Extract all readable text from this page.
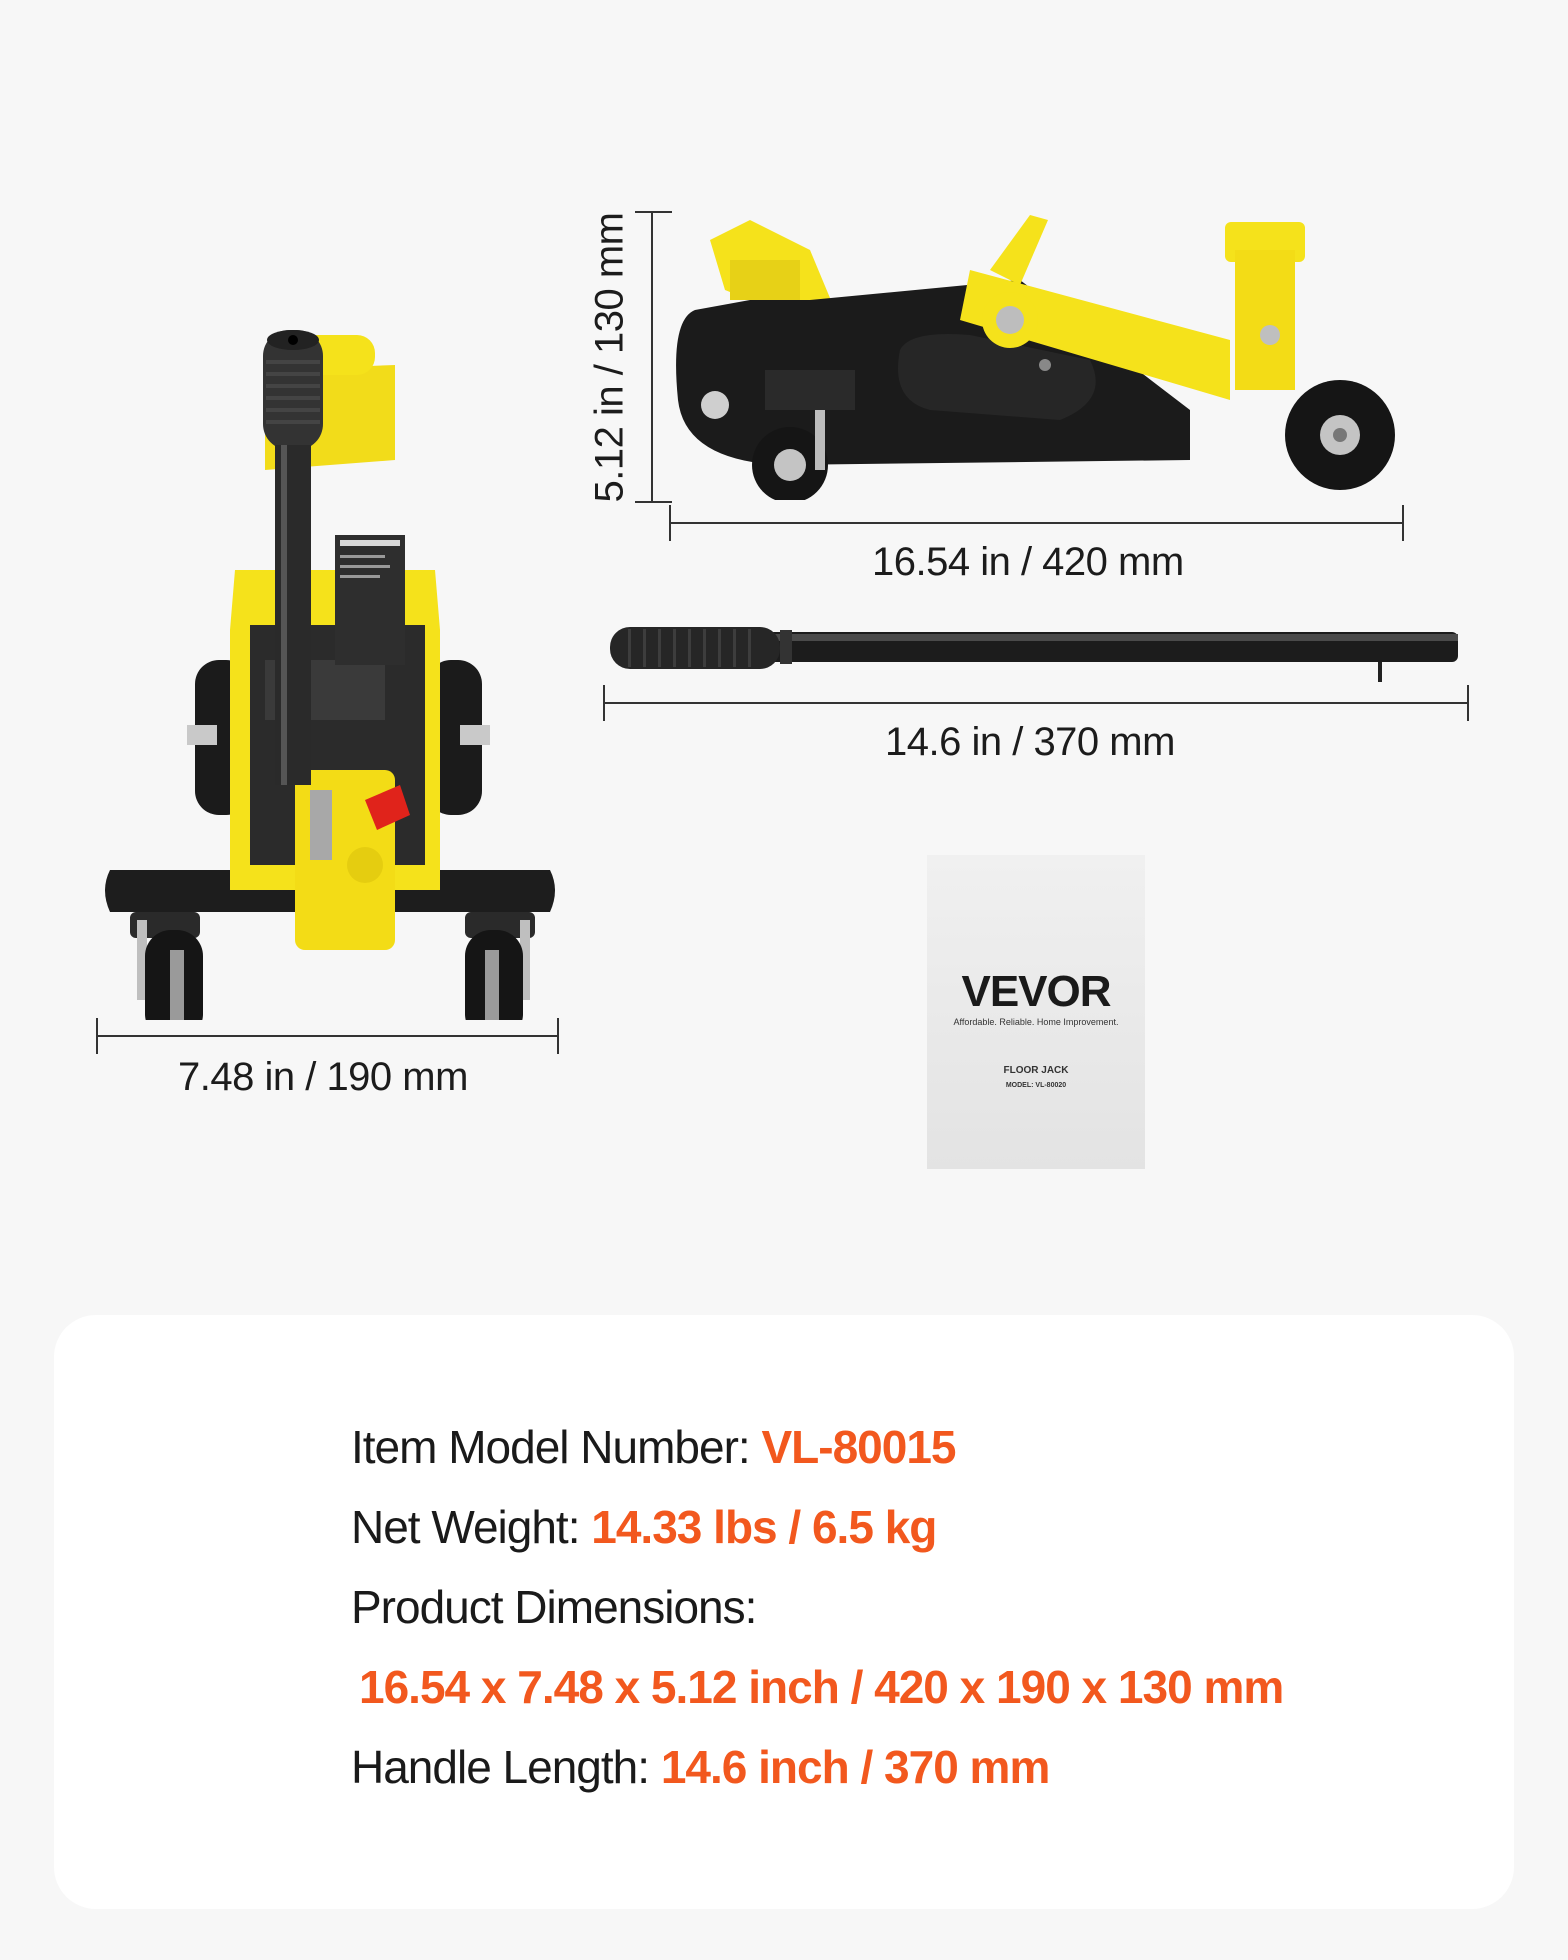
7.48 in / 190 mm
5.12 in / 130 mm
16.54 in / 420 mm
14.6 in / 370 mm
VEVOR
Affordable. Reliable. Home Improvement.
FLOOR JACK
MODEL: VL-80020
Item Model Number: VL-80015
Net Weight: 14.33 lbs / 6.5 kg
Product Dimensions:
16.54 x 7.48 x 5.12 inch / 420 x 190 x 130 mm
Handle Length: 14.6 inch / 370 mm
